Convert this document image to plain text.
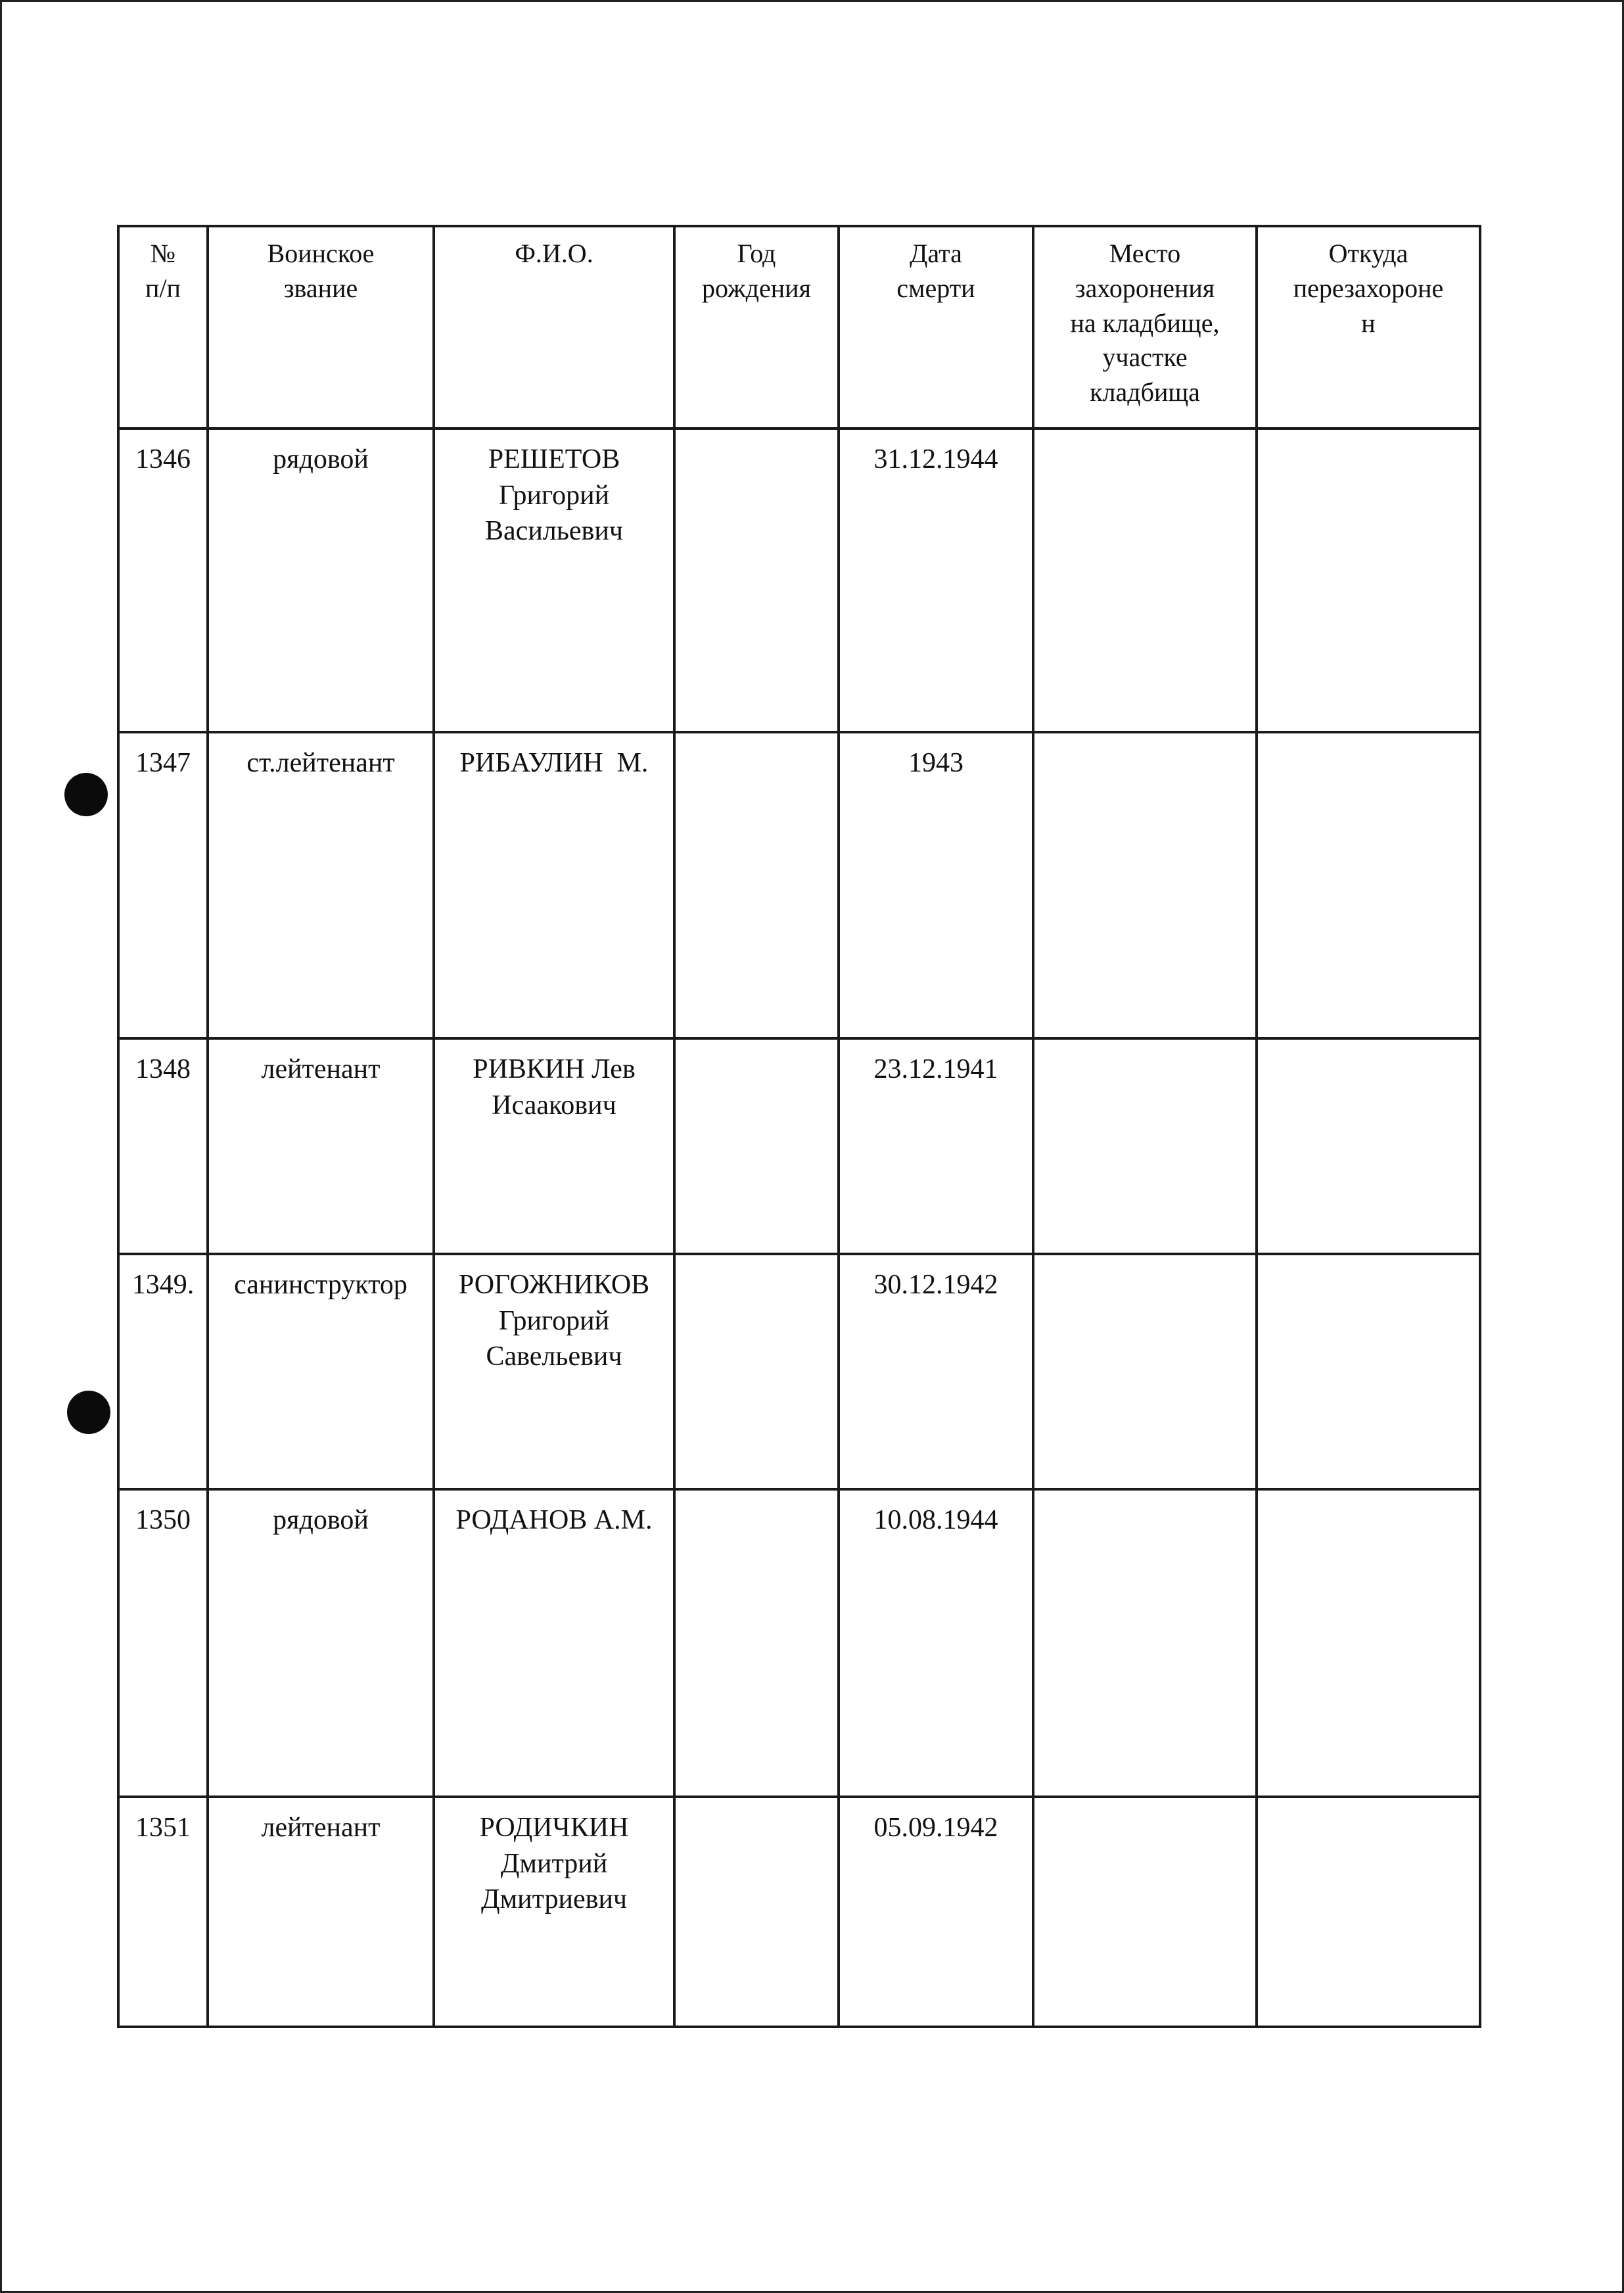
№
п/п	Воинское
звание	Ф.И.О.	Год
рождения	Дата
смерти	Место
захоронения
на кладбище,
участке
кладбища	Откуда
перезахороне
н
1346	рядовой	РЕШЕТОВ
Григорий
Васильевич		31.12.1944		
1347	ст.лейтенант	РИБАУЛИН  М.		1943		
1348	лейтенант	РИВКИН Лев
Исаакович		23.12.1941		
1349.	санинструктор	РОГОЖНИКОВ
Григорий
Савельевич		30.12.1942		
1350	рядовой	РОДАНОВ А.М.		10.08.1944		
1351	лейтенант	РОДИЧКИН
Дмитрий
Дмитриевич		05.09.1942		
